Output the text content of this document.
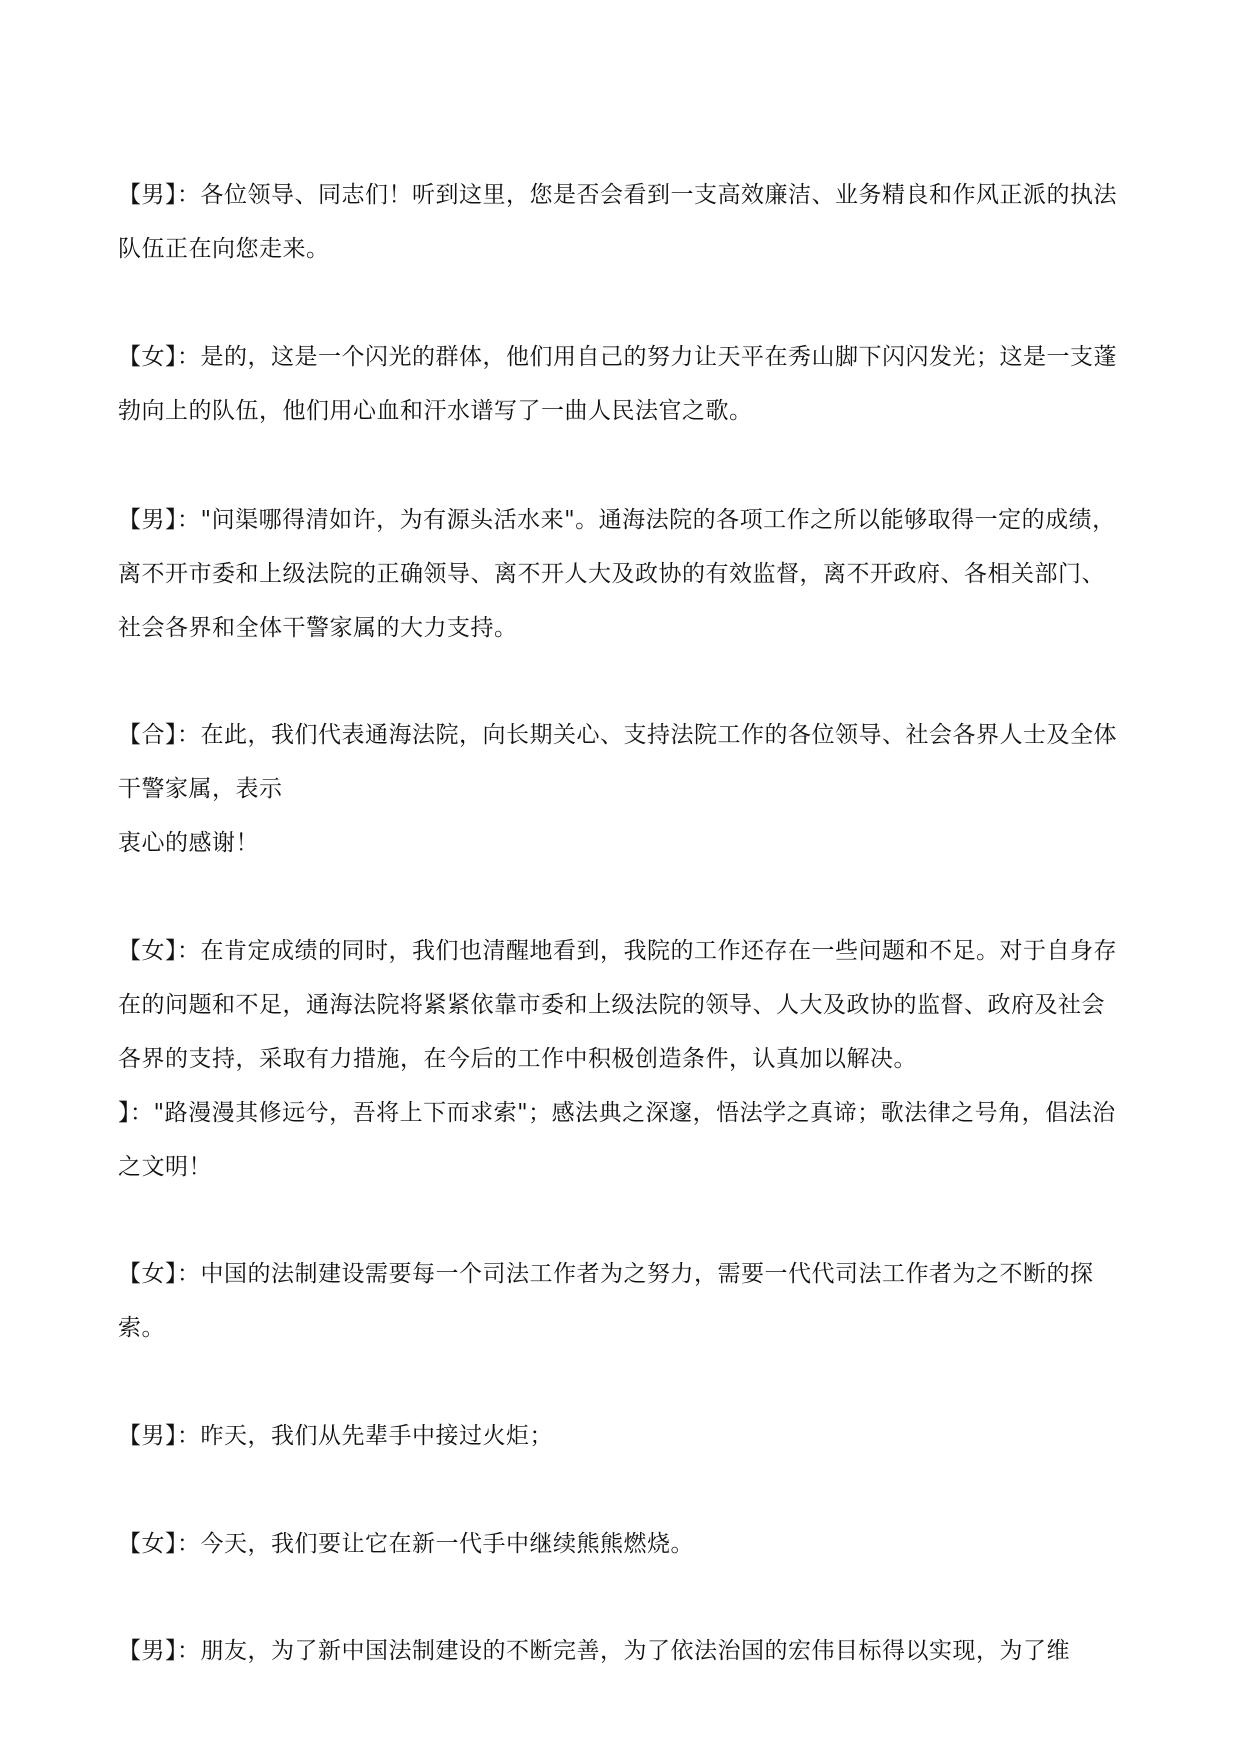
【男】：各位领导、同志们！听到这里，您是否会看到一支高效廉洁、业务精良和作风正派的执法队伍正在向您走来。

【女】：是的，这是一个闪光的群体，他们用自己的努力让天平在秀山脚下闪闪发光；这是一支蓬勃向上的队伍，他们用心血和汗水谱写了一曲人民法官之歌。

【男】："问渠哪得清如许，为有源头活水来"。通海法院的各项工作之所以能够取得一定的成绩，离不开市委和上级法院的正确领导、离不开人大及政协的有效监督，离不开政府、各相关部门、社会各界和全体干警家属的大力支持。

【合】：在此，我们代表通海法院，向长期关心、支持法院工作的各位领导、社会各界人士及全体干警家属，表示

衷心的感谢！

【女】：在肯定成绩的同时，我们也清醒地看到，我院的工作还存在一些问题和不足。对于自身存在的问题和不足，通海法院将紧紧依靠市委和上级法院的领导、人大及政协的监督、政府及社会各界的支持，采取有力措施，在今后的工作中积极创造条件，认真加以解决。

】："路漫漫其修远兮，吾将上下而求索"；感法典之深邃，悟法学之真谛；歌法律之号角，倡法治之文明！

【女】：中国的法制建设需要每一个司法工作者为之努力，需要一代代司法工作者为之不断的探索。

【男】：昨天，我们从先辈手中接过火炬；

【女】：今天，我们要让它在新一代手中继续熊熊燃烧。

【男】：朋友，为了新中国法制建设的不断完善，为了依法治国的宏伟目标得以实现，为了维
